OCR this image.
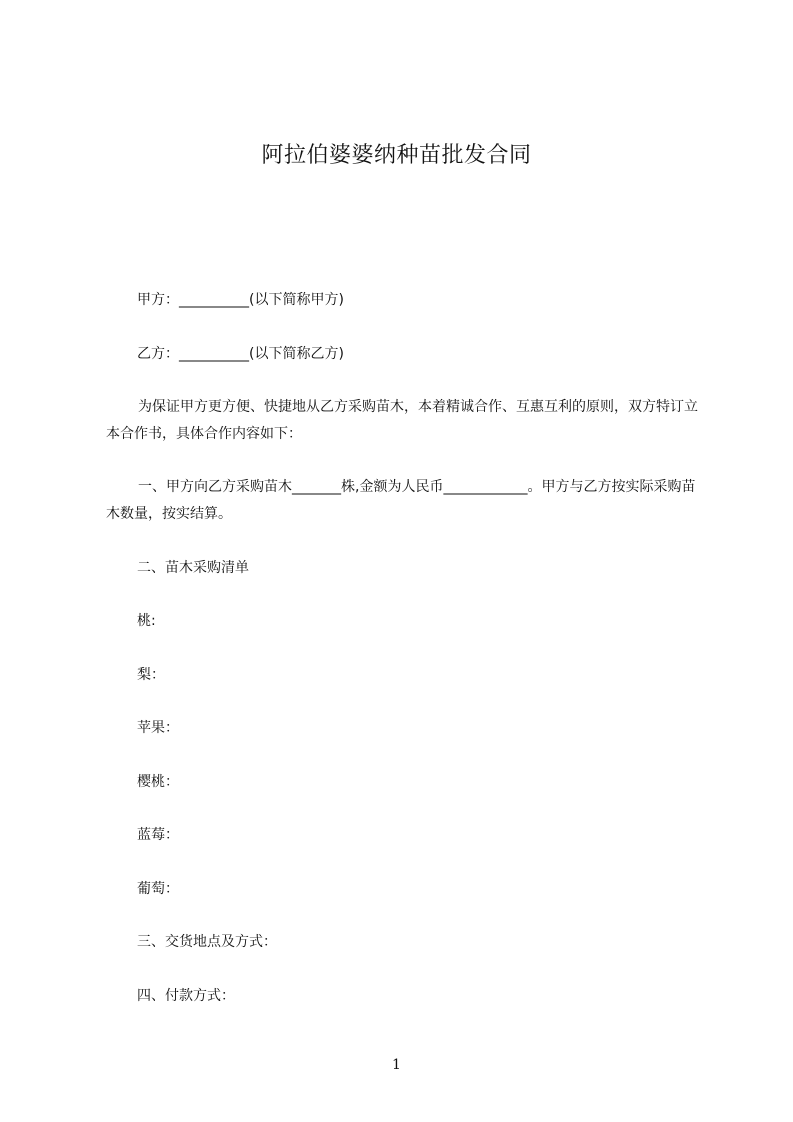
阿拉伯婆婆纳种苗批发合同
甲方：__________(以下简称甲方)
乙方：__________(以下简称乙方)
为保证甲方更方便、快捷地从乙方采购苗木，本着精诚合作、互惠互利的原则，双方特订立本合作书，具体合作内容如下：
一、甲方向乙方采购苗木_______株,金额为人民币____________。甲方与乙方按实际采购苗木数量，按实结算。
二、苗木采购清单
桃:
梨：
苹果：
樱桃：
蓝莓：
葡萄：
三、交货地点及方式：
四、付款方式：
1
